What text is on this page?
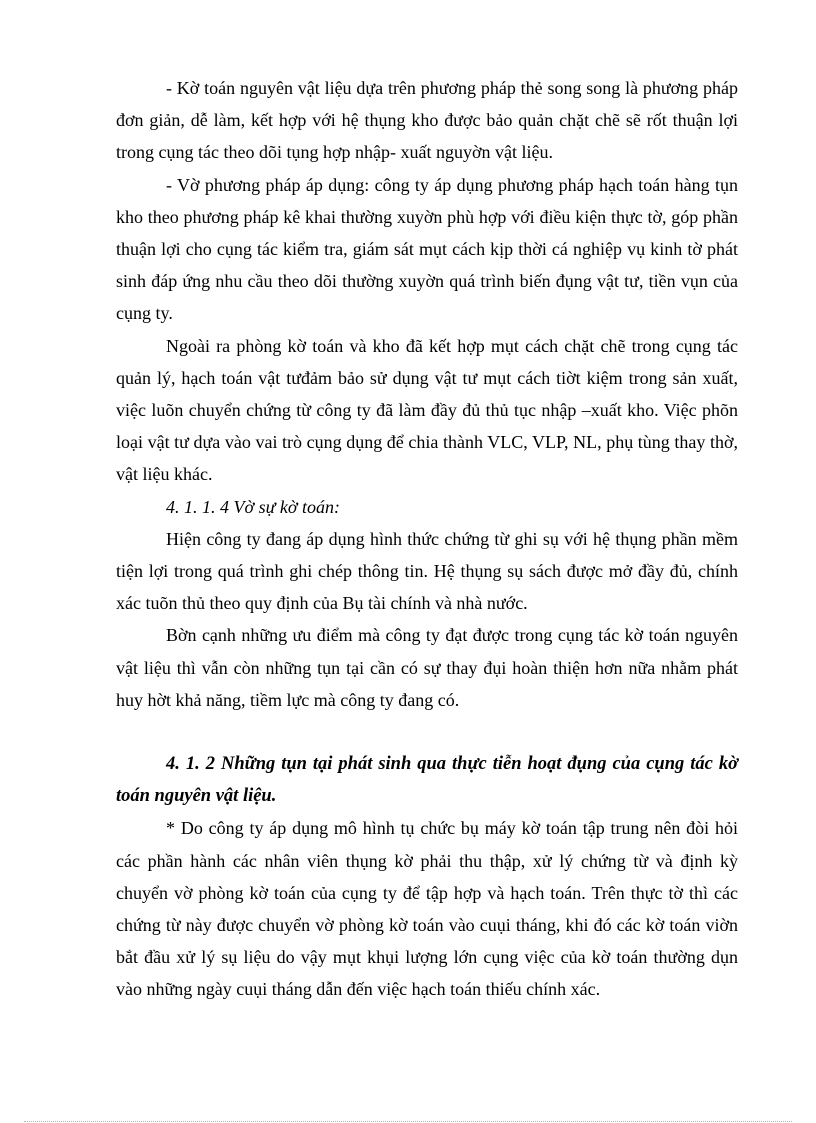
- Kờ toán nguyên vật liệu dựa trên phương pháp thẻ song song là phương pháp đơn giản, dễ làm, kết hợp với hệ thụng kho được bảo quản chặt chẽ sẽ rốt thuận lợi trong cụng tác theo dõi tụng hợp nhập- xuất nguyờn vật liệu.

- Vờ phương pháp áp dụng: công ty áp dụng phương pháp hạch toán hàng tụn kho theo phương pháp kê khai thường xuyờn phù hợp với điều kiện thực tờ, góp phần thuận lợi cho cụng tác kiểm tra, giám sát mụt cách kịp thời cá nghiệp vụ kinh tờ phát sinh đáp ứng nhu cầu theo dõi thường xuyờn quá trình biến đụng vật tư, tiền vụn của cụng ty.

Ngoài ra phòng kờ toán và kho đã kết hợp mụt cách chặt chẽ trong cụng tác quản lý, hạch toán vật tưđảm bảo sử dụng vật tư mụt cách tiờt kiệm trong sản xuất, việc luõn chuyển chứng từ công ty đã làm đầy đủ thủ tục nhập –xuất kho. Việc phõn loại vật tư dựa vào vai trò cụng dụng để chia thành VLC, VLP, NL, phụ tùng thay thờ, vật liệu khác.

4. 1. 1. 4 Vờ sự kờ toán:

Hiện công ty đang áp dụng hình thức chứng từ ghi sụ với hệ thụng phần mềm tiện lợi trong quá trình ghi chép thông tin. Hệ thụng sụ sách được mở đầy đủ, chính xác tuõn thủ theo quy định của Bụ tài chính và nhà nước.

Bờn cạnh những ưu điểm mà công ty đạt được trong cụng tác kờ toán nguyên vật liệu thì vẫn còn những tụn tại cần có sự thay đụi hoàn thiện hơn nữa nhằm phát huy hờt khả năng, tiềm lực mà công ty đang có.

4. 1. 2 Những tụn tại phát sinh qua thực tiễn hoạt đụng của cụng tác kờ toán nguyên vật liệu.

* Do công ty áp dụng mô hình tụ chức bụ máy kờ toán tập trung nên đòi hỏi các phần hành các nhân viên thụng kờ phải thu thập, xử lý chứng từ và định kỳ chuyển vờ phòng kờ toán của cụng ty để tập hợp và hạch toán. Trên thực tờ thì các chứng từ này được chuyển vờ phòng kờ toán vào cuụi tháng, khi đó các kờ toán viờn bắt đầu xử lý sụ liệu do vậy mụt khụi lượng lớn cụng việc của kờ toán thường dụn vào những ngày cuụi tháng dẫn đến việc hạch toán thiếu chính xác.
